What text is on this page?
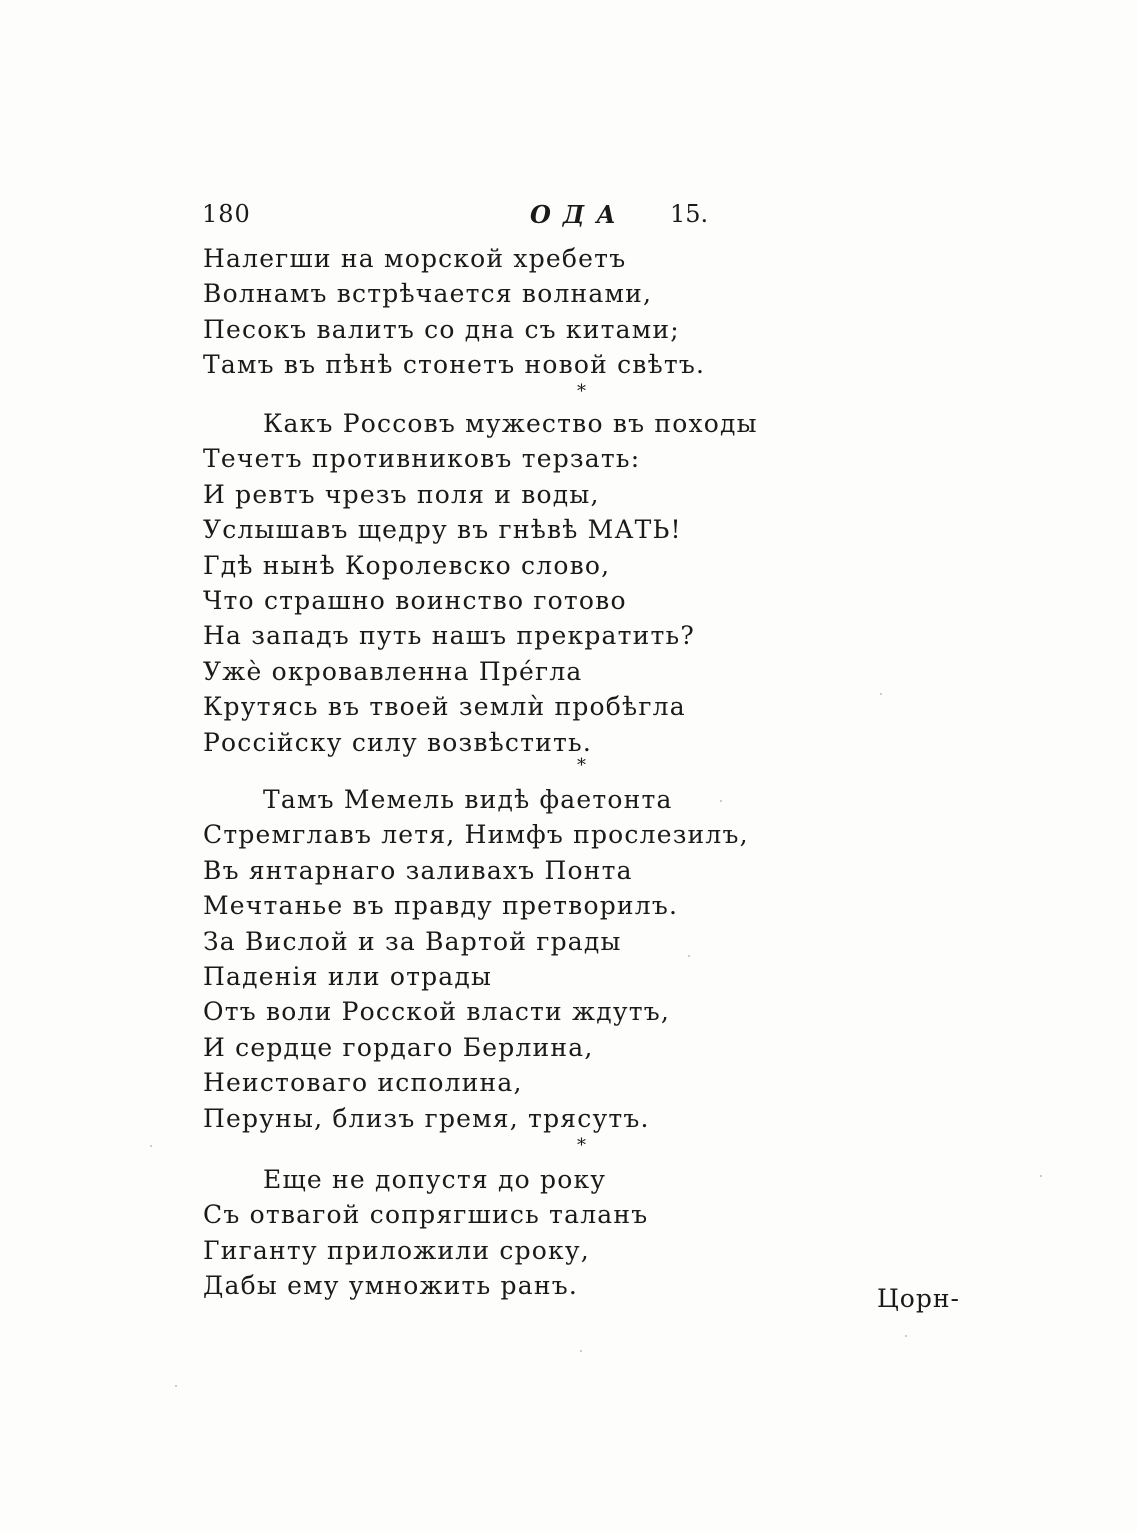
180	ОДА 15.
Налегши на морской хребетъ
Волнамъ встрѣчается волнами,
Песокъ валитъ со дна съ китами;
Тамъ въ пѣнѣ стонетъ новой свѣтъ.
*
Какъ Россовъ мужество въ походы
Течетъ противниковъ терзать:
И ревтъ чрезъ поля и воды,
Услышавъ щедру въ гнѣвѣ МАТЬ!
Гдѣ нынѣ Королевско слово,
Что страшно воинство готово
На западъ путь нашъ прекратить?
Ужè окровавленна Прéгла
Крутясь въ твоей землѝ пробѣгла
Россійску силу возвѣстить.
*
Тамъ Мемель видѣ фаетонта
Стремглавъ летя, Нимфъ прослезилъ,
Въ янтарнаго заливахъ Понта
Мечтанье въ правду претворилъ.
За Вислой и за Вартой грады
Паденія или отрады
Отъ воли Росской власти ждутъ,
И сердце гордаго Берлина,
Неистоваго исполина,
Перуны, близъ гремя, трясутъ.
*
Еще не допустя до року
Съ отвагой сопрягшись таланъ
Гиганту приложили сроку,
Дабы ему умножить ранъ.	Цорн-
